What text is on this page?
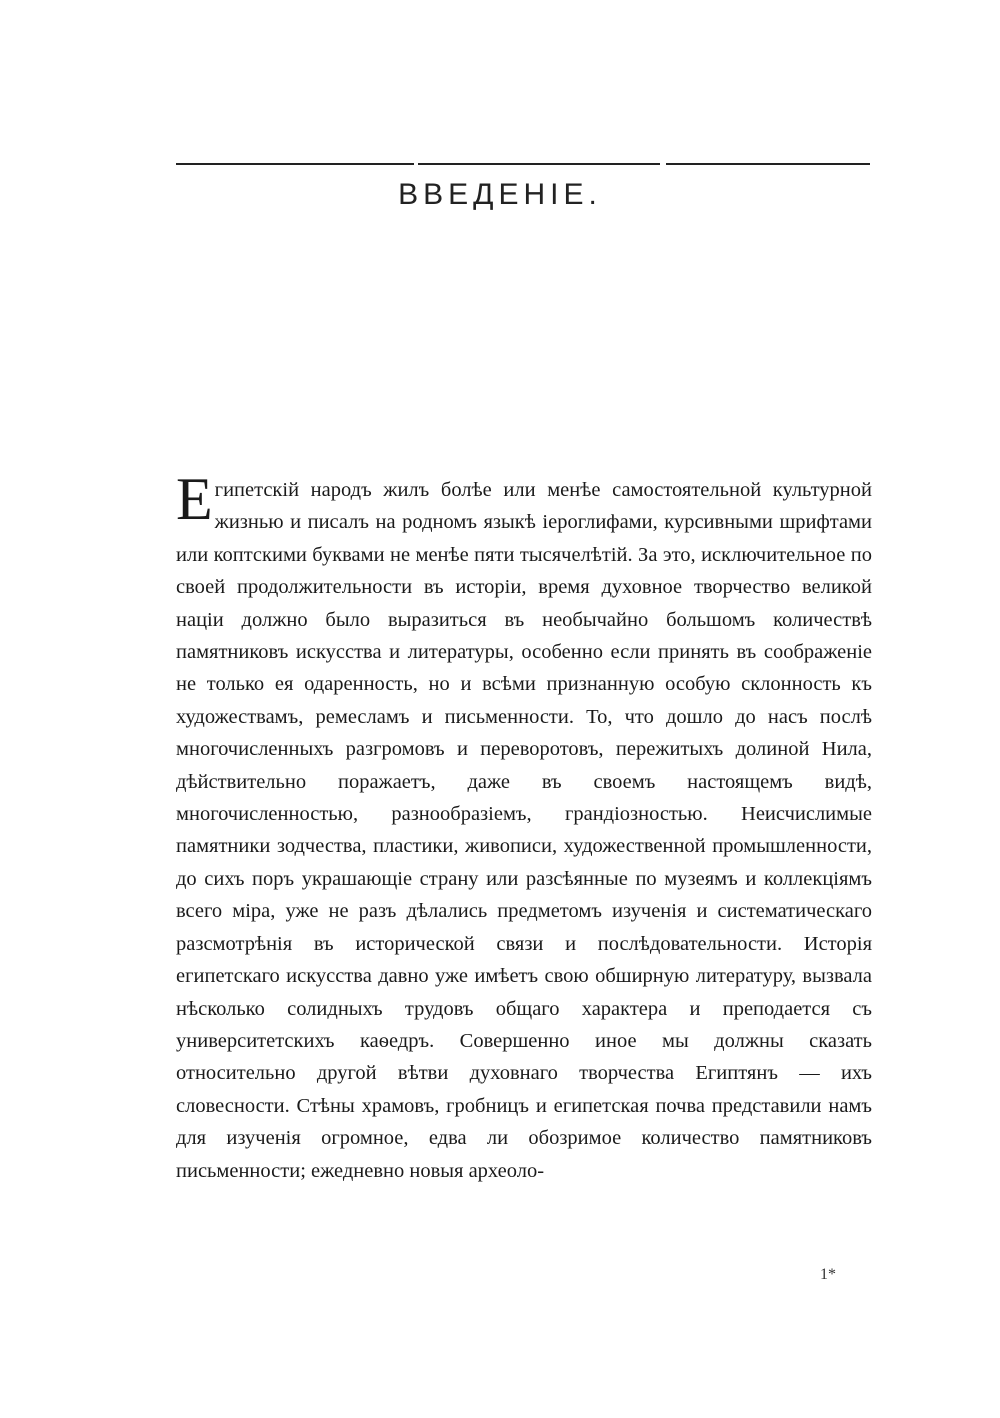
ВВЕДЕНІЕ.

Египетскій народъ жилъ болѣе или менѣе самостоятельной культурной жизнью и писалъ на родномъ языкѣ іероглифами, курсивными шрифтами или коптскими буквами не менѣе пяти тысячелѣтій. За это, исключительное по своей продолжительности въ исторіи, время духовное творчество великой націи должно было выразиться въ необычайно большомъ количествѣ памятниковъ искусства и литературы, особенно если принять въ соображеніе не только ея одаренность, но и всѣми признанную особую склонность къ художествамъ, ремесламъ и письменности. То, что дошло до насъ послѣ многочисленныхъ разгромовъ и переворотовъ, пережитыхъ долиной Нила, дѣйствительно поражаетъ, даже въ своемъ настоящемъ видѣ, многочисленностью, разнообразіемъ, грандіозностью. Неисчислимые памятники зодчества, пластики, живописи, художественной промышленности, до сихъ поръ украшающіе страну или разсѣянные по музеямъ и коллекціямъ всего міра, уже не разъ дѣлались предметомъ изученія и систематическаго разсмотрѣнія въ исторической связи и послѣдовательности. Исторія египетскаго искусства давно уже имѣетъ свою обширную литературу, вызвала нѣсколько солидныхъ трудовъ общаго характера и преподается съ университетскихъ каѳедръ. Совершенно иное мы должны сказать относительно другой вѣтви духовнаго творчества Египтянъ — ихъ словесности. Стѣны храмовъ, гробницъ и египетская почва представили намъ для изученія огромное, едва ли обозримое количество памятниковъ письменности; ежедневно новыя археоло-

1*
